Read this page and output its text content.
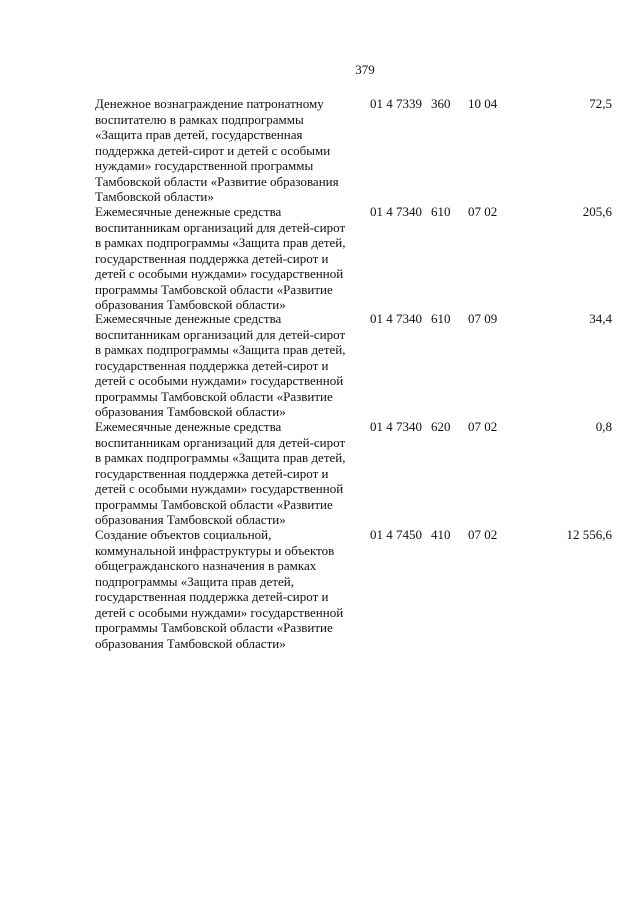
379
Денежное вознаграждение патронатному
воспитателю в рамках подпрограммы
«Защита прав детей, государственная
поддержка детей-сирот и детей с особыми
нуждами» государственной программы
Тамбовской области «Развитие образования
Тамбовской области»
01 4 7339 360 10 04	72,5
Ежемесячные денежные средства
воспитанникам организаций для детей-сирот
в рамках подпрограммы «Защита прав детей,
государственная поддержка детей-сирот и
детей с особыми нуждами» государственной
программы Тамбовской области «Развитие
образования Тамбовской области»
01 4 7340 610 07 02	205,6
Ежемесячные денежные средства
воспитанникам организаций для детей-сирот
в рамках подпрограммы «Защита прав детей,
государственная поддержка детей-сирот и
детей с особыми нуждами» государственной
программы Тамбовской области «Развитие
образования Тамбовской области»
01 4 7340 610 07 09	34,4
Ежемесячные денежные средства
воспитанникам организаций для детей-сирот
в рамках подпрограммы «Защита прав детей,
государственная поддержка детей-сирот и
детей с особыми нуждами» государственной
программы Тамбовской области «Развитие
образования Тамбовской области»
01 4 7340 620 07 02	0,8
Создание объектов социальной,
коммунальной инфраструктуры и объектов
общегражданского назначения в рамках
подпрограммы «Защита прав детей,
государственная поддержка детей-сирот и
детей с особыми нуждами» государственной
программы Тамбовской области «Развитие
образования Тамбовской области»
01 4 7450 410 07 02	12 556,6
